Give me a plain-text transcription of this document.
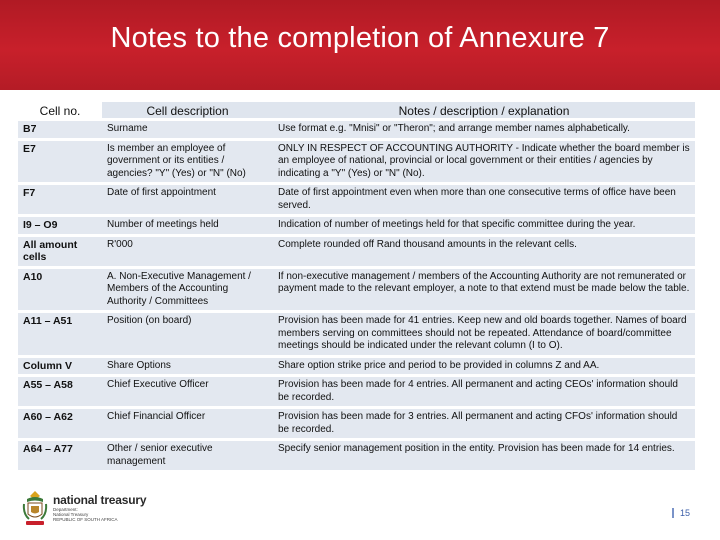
Notes to the completion of Annexure 7
Cell no.	Cell description	Notes / description / explanation
B7	Surname	Use format e.g. "Mnisi" or "Theron"; and arrange member names alphabetically.
E7	Is member an employee of government or its entities / agencies? "Y" (Yes) or "N" (No)	ONLY IN RESPECT OF ACCOUNTING AUTHORITY - Indicate whether the board member is an employee of national, provincial or local government or their entities / agencies by indicating a "Y" (Yes) or "N" (No).
F7	Date of first appointment	Date of first appointment even when more than one consecutive terms of office have been served.
I9 – O9	Number of meetings held	Indication of number of meetings held for that specific committee during the year.
All amount cells	R'000	Complete rounded off Rand thousand amounts in the relevant cells.
A10	A. Non-Executive Management / Members of the Accounting Authority / Committees	If non-executive management / members of the Accounting Authority are not remunerated or payment made to the relevant employer, a note to that extend must be made below the table.
A11 – A51	Position (on board)	Provision has been made for 41 entries. Keep new and old boards together. Names of board members serving on committees should not be repeated. Attendance of board/committee meetings should be indicated under the relevant column (I to O).
Column V	Share Options	Share option strike price and period to be provided in columns Z and AA.
A55 – A58	Chief Executive Officer	Provision has been made for 4 entries. All permanent and acting CEOs' information should be recorded.
A60 – A62	Chief Financial Officer	Provision has been made for 3 entries. All permanent and acting CFOs' information should be recorded.
A64 – A77	Other / senior executive management	Specify senior management position in the entity. Provision has been made for 14 entries.
national treasury
Department:
National Treasury
REPUBLIC OF SOUTH AFRICA
15
